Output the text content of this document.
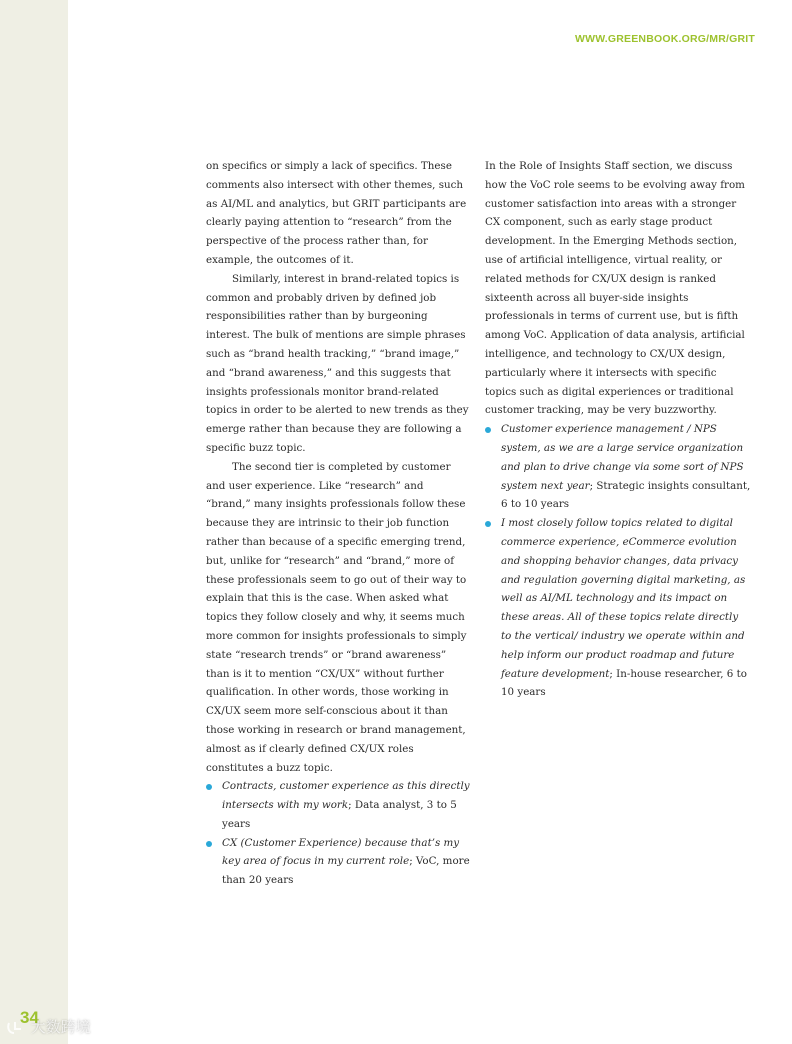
WWW.GREENBOOK.ORG/MR/GRIT

on specifics or simply a lack of specifics. These comments also intersect with other themes, such as AI/ML and analytics, but GRIT participants are clearly paying attention to “research” from the perspective of the process rather than, for example, the outcomes of it.

Similarly, interest in brand-related topics is common and probably driven by defined job responsibilities rather than by burgeoning interest. The bulk of mentions are simple phrases such as “brand health tracking,” “brand image,” and “brand awareness,” and this suggests that insights professionals monitor brand-related topics in order to be alerted to new trends as they emerge rather than because they are following a specific buzz topic.

The second tier is completed by customer and user experience. Like “research” and “brand,” many insights professionals follow these because they are intrinsic to their job function rather than because of a specific emerging trend, but, unlike for “research” and “brand,” more of these professionals seem to go out of their way to explain that this is the case. When asked what topics they follow closely and why, it seems much more common for insights professionals to simply state “research trends” or “brand awareness” than is it to mention “CX/UX” without further qualification. In other words, those working in CX/UX seem more self-conscious about it than those working in research or brand management, almost as if clearly defined CX/UX roles constitutes a buzz topic.

Contracts, customer experience as this directly intersects with my work; Data analyst, 3 to 5 years
CX (Customer Experience) because that’s my key area of focus in my current role; VoC, more than 20 years

In the Role of Insights Staff section, we discuss how the VoC role seems to be evolving away from customer satisfaction into areas with a stronger CX component, such as early stage product development. In the Emerging Methods section, use of artificial intelligence, virtual reality, or related methods for CX/UX design is ranked sixteenth across all buyer-side insights professionals in terms of current use, but is fifth among VoC. Application of data analysis, artificial intelligence, and technology to CX/UX design, particularly where it intersects with specific topics such as digital experiences or traditional customer tracking, may be very buzzworthy.

Customer experience management / NPS system, as we are a large service organization and plan to drive change via some sort of NPS system next year; Strategic insights consultant, 6 to 10 years
I most closely follow topics related to digital commerce experience, eCommerce evolution and shopping behavior changes, data privacy and regulation governing digital marketing, as well as AI/ML technology and its impact on these areas. All of these topics relate directly to the vertical/ industry we operate within and help inform our product roadmap and future feature development; In-house researcher, 6 to 10 years
34
大数跨境
